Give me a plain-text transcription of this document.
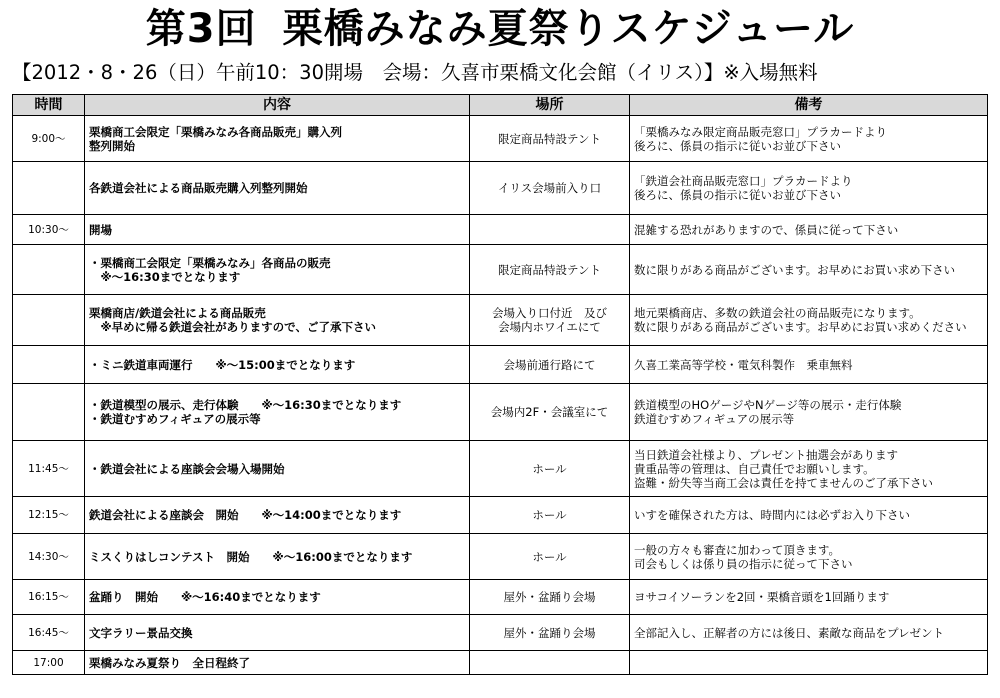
第3回 栗橋みなみ夏祭りスケジュール
【2012・8・26（日）午前10：30開場　会場：久喜市栗橋文化会館（イリス）】※入場無料
時間	内容	場所	備考
9:00～	栗橋商工会限定「栗橋みなみ各商品販売」購入列
整列開始	限定商品特設テント	「栗橋みなみ限定商品販売窓口」プラカードより
後ろに、係員の指示に従いお並び下さい
	各鉄道会社による商品販売購入列整列開始	イリス会場前入り口	「鉄道会社商品販売窓口」プラカードより
後ろに、係員の指示に従いお並び下さい
10:30～	開場		混雑する恐れがありますので、係員に従って下さい
	・栗橋商工会限定「栗橋みなみ」各商品の販売
　※～16:30までとなります	限定商品特設テント	数に限りがある商品がございます。お早めにお買い求め下さい
	栗橋商店/鉄道会社による商品販売
　※早めに帰る鉄道会社がありますので、ご了承下さい	会場入り口付近　及び
会場内ホワイエにて	地元栗橋商店、多数の鉄道会社の商品販売になります。
数に限りがある商品がございます。お早めにお買い求めください
	・ミニ鉄道車両運行　　※～15:00までとなります	会場前通行路にて	久喜工業高等学校・電気科製作　乗車無料
	・鉄道模型の展示、走行体験　　※～16:30までとなります
・鉄道むすめフィギュアの展示等	会場内2F・会議室にて	鉄道模型のHOゲージやNゲージ等の展示・走行体験
鉄道むすめフィギュアの展示等
11:45～	・鉄道会社による座談会会場入場開始	ホール	当日鉄道会社様より、プレゼント抽選会があります
貴重品等の管理は、自己責任でお願いします。
盗難・紛失等当商工会は責任を持てませんのご了承下さい
12:15～	鉄道会社による座談会　開始　　※～14:00までとなります	ホール	いすを確保された方は、時間内には必ずお入り下さい
14:30～	ミスくりはしコンテスト　開始　　※～16:00までとなります	ホール	一般の方々も審査に加わって頂きます。
司会もしくは係り員の指示に従って下さい
16:15～	盆踊り　開始　　※～16:40までとなります	屋外・盆踊り会場	ヨサコイソーランを2回・栗橋音頭を1回踊ります
16:45～	文字ラリー景品交換	屋外・盆踊り会場	全部記入し、正解者の方には後日、素敵な商品をプレゼント
17:00	栗橋みなみ夏祭り　全日程終了		
